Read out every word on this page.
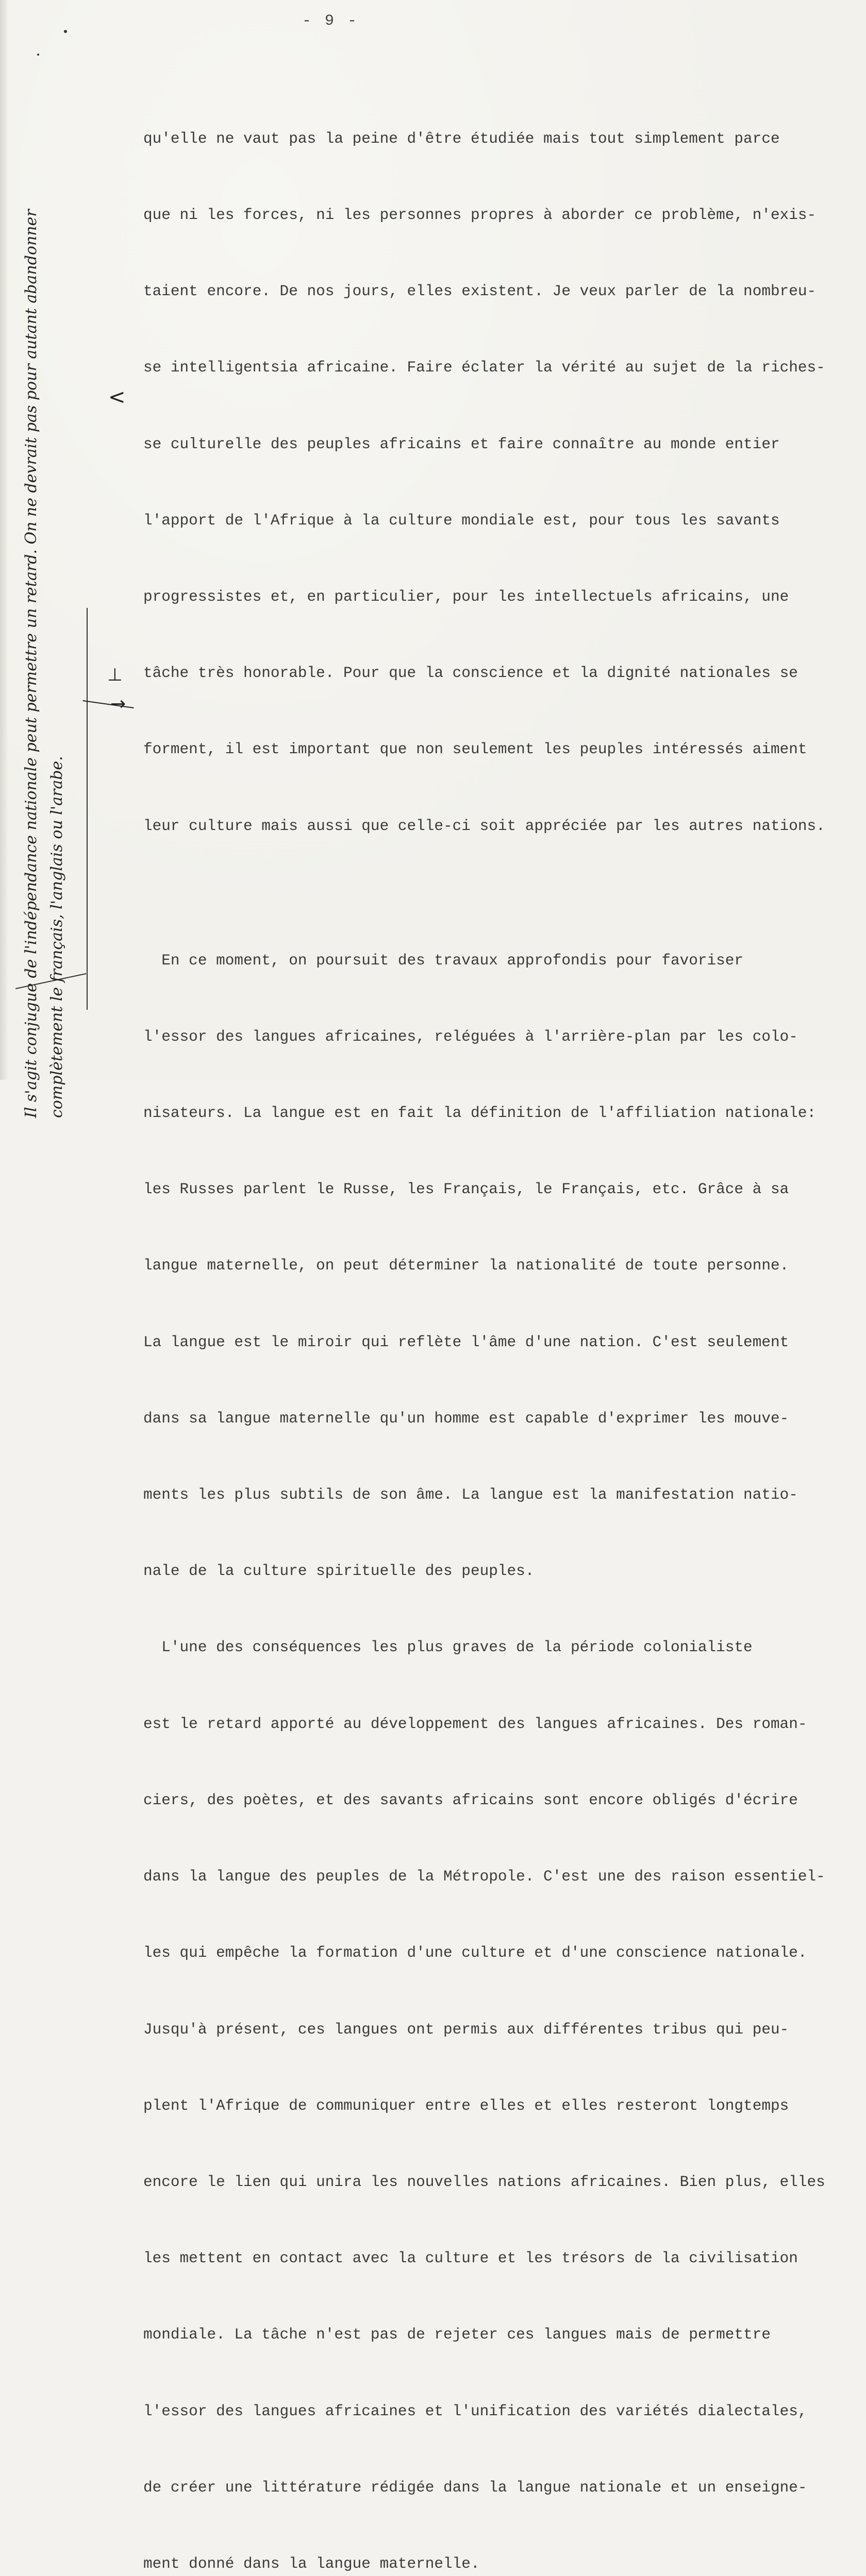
- 9 -

qu'elle ne vaut pas la peine d'être étudiée mais tout simplement parce

que ni les forces, ni les personnes propres à aborder ce problème, n'exis-

taient encore. De nos jours, elles existent. Je veux parler de la nombreu-

se intelligentsia africaine. Faire éclater la vérité au sujet de la riches-

se culturelle des peuples africains et faire connaître au monde entier

l'apport de l'Afrique à la culture mondiale est, pour tous les savants

progressistes et, en particulier, pour les intellectuels africains, une

tâche très honorable. Pour que la conscience et la dignité nationales se

forment, il est important que non seulement les peuples intéressés aiment

leur culture mais aussi que celle-ci soit appréciée par les autres nations.

En ce moment, on poursuit des travaux approfondis pour favoriser

l'essor des langues africaines, reléguées à l'arrière-plan par les colo-

nisateurs. La langue est en fait la définition de l'affiliation nationale:

les Russes parlent le Russe, les Français, le Français, etc. Grâce à sa

langue maternelle, on peut déterminer la nationalité de toute personne.

La langue est le miroir qui reflète l'âme d'une nation. C'est seulement

dans sa langue maternelle qu'un homme est capable d'exprimer les mouve-

ments les plus subtils de son âme. La langue est la manifestation natio-

nale de la culture spirituelle des peuples.

L'une des conséquences les plus graves de la période colonialiste

est le retard apporté au développement des langues africaines. Des roman-

ciers, des poètes, et des savants africains sont encore obligés d'écrire

dans la langue des peuples de la Métropole. C'est une des raison essentiel-

les qui empêche la formation d'une culture et d'une conscience nationale.

Jusqu'à présent, ces langues ont permis aux différentes tribus qui peu-

plent l'Afrique de communiquer entre elles et elles resteront longtemps

encore le lien qui unira les nouvelles nations africaines. Bien plus, elles

les mettent en contact avec la culture et les trésors de la civilisation

mondiale. La tâche n'est pas de rejeter ces langues mais de permettre

l'essor des langues africaines et l'unification des variétés dialectales,

de créer une littérature rédigée dans la langue nationale et un enseigne-

ment donné dans la langue maternelle.

Il s'agit conjugue de l'indépendance nationale peut permettre un retard. On ne devrait pas pour autant abandonner complètement le français, l'anglais ou l'arabe.
<
⊥
→
